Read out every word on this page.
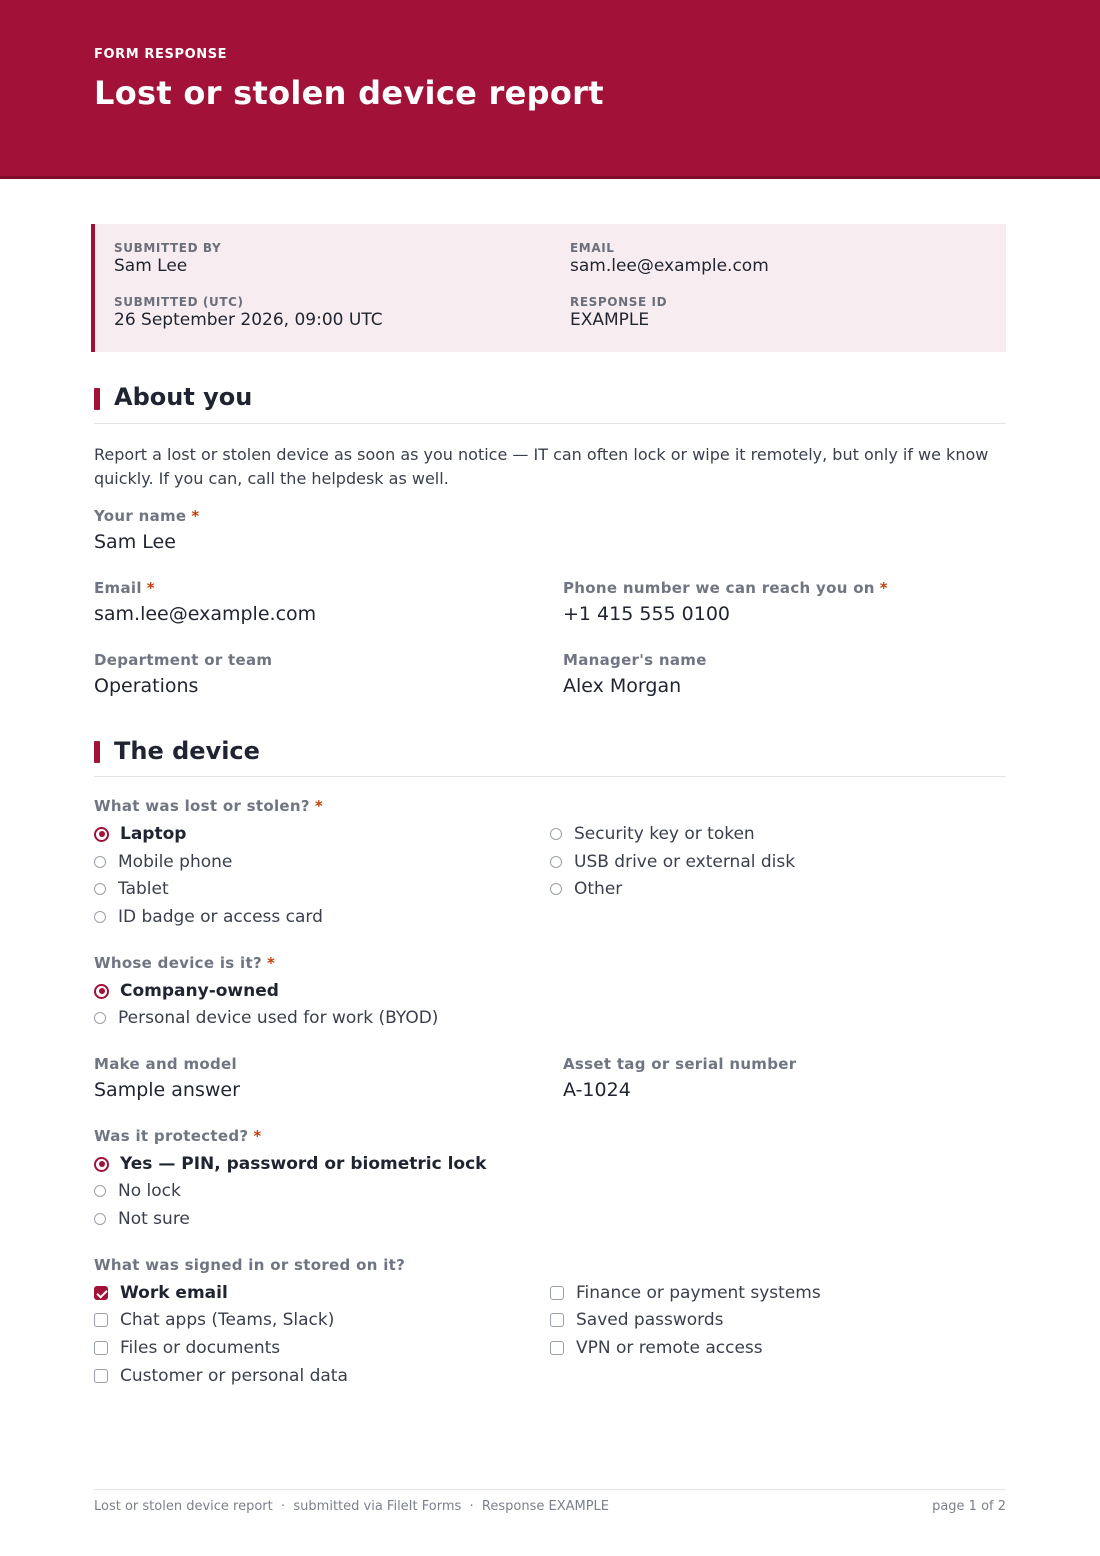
FORM RESPONSE
Lost or stolen device report
SUBMITTED BY
Sam Lee
EMAIL
sam.lee@example.com
SUBMITTED (UTC)
26 September 2026, 09:00 UTC
RESPONSE ID
EXAMPLE
About you
Report a lost or stolen device as soon as you notice — IT can often lock or wipe it remotely, but only if we know quickly. If you can, call the helpdesk as well.
Your name *
Sam Lee
Email *
sam.lee@example.com
Phone number we can reach you on *
+1 415 555 0100
Department or team
Operations
Manager's name
Alex Morgan
The device
What was lost or stolen? *
Laptop
Mobile phone
Tablet
ID badge or access card
Security key or token
USB drive or external disk
Other
Whose device is it? *
Company-owned
Personal device used for work (BYOD)
Make and model
Sample answer
Asset tag or serial number
A-1024
Was it protected? *
Yes — PIN, password or biometric lock
No lock
Not sure
What was signed in or stored on it?
Work email
Chat apps (Teams, Slack)
Files or documents
Customer or personal data
Finance or payment systems
Saved passwords
VPN or remote access
Lost or stolen device report  ·  submitted via FileIt Forms  ·  Response EXAMPLE	page 1 of 2
